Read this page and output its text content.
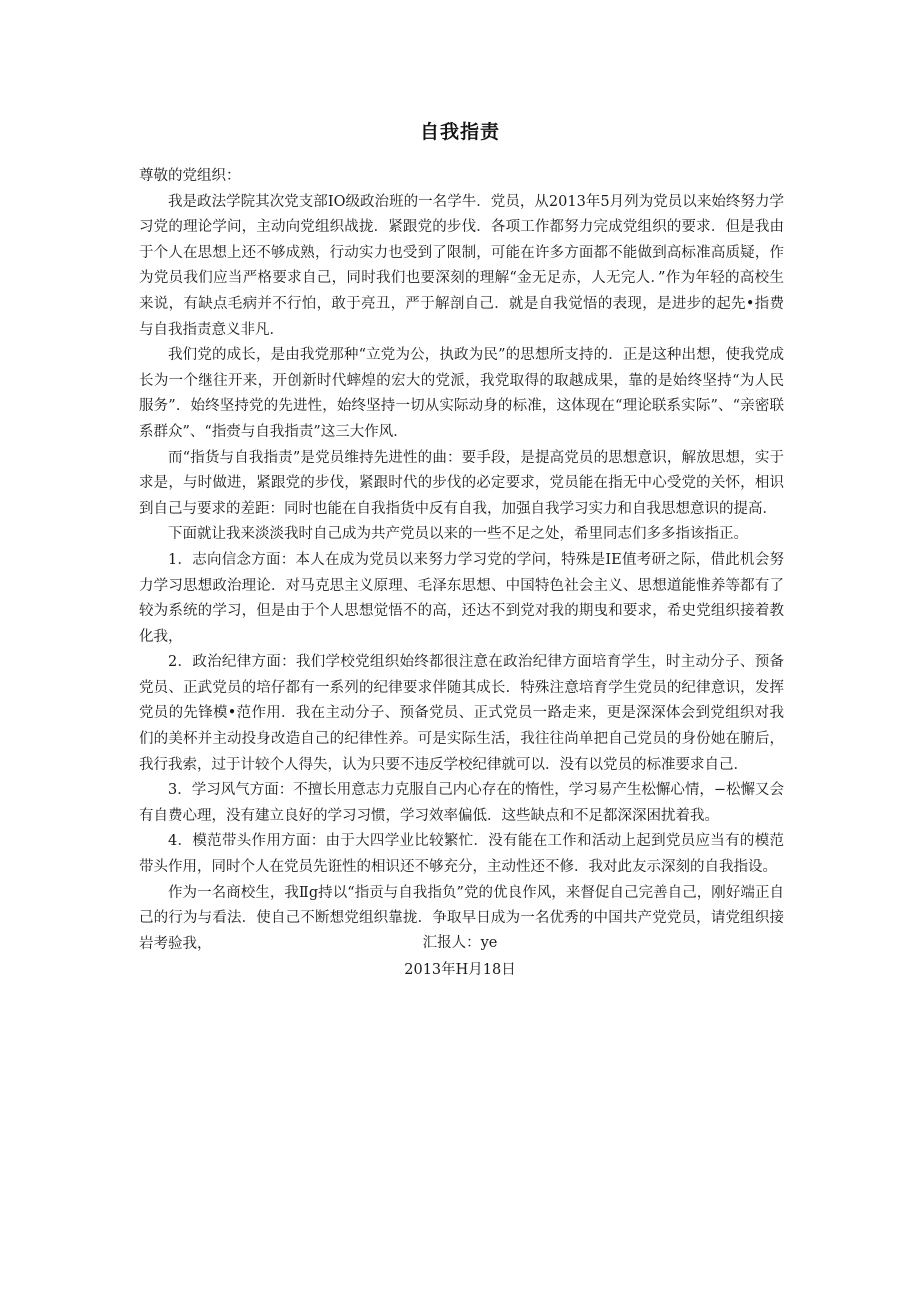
自我指责

尊敬的党组织：

我是政法学院其次党支部IO级政治班的一名学牛．党员，从2013年5月列为党员以来始终努力学习党的理论学问，主动向党组织战拢．紧跟党的步伐．各项工作都努力完成党组织的要求．但是我由于个人在思想上还不够成熟，行动实力也受到了限制，可能在许多方面都不能做到高标准高质疑，作为党员我们应当严格要求自己，同时我们也要深刻的理解“金无足赤，人无完人．”作为年轻的高校生来说，有缺点毛病并不行怕，敢于亮丑，严于解剖自己．就是自我觉悟的表现，是进步的起先•指费与自我指责意义非凡．

我们党的成长，是由我党那种“立党为公，执政为民”的思想所支持的．正是这种出想，使我党成长为一个继往开来，开创新时代蟀煌的宏大的党派，我党取得的取越成果，靠的是始终坚持“为人民服务”．始终坚持党的先进性，始终坚持一切从实际动身的标准，这体现在“理论联系实际”、“亲密联系群众”、“指赍与自我指责”这三大作风．

而“指货与自我指责”是党员维持先进性的曲：要手段，是提高党员的思想意识，解放思想，实于求是，与时做进，紧跟党的步伐，紧跟时代的步伐的必定要求，党员能在指无中心受党的关怀，相识到自己与要求的差距：同时也能在自我指货中反有自我，加强自我学习实力和自我思想意识的提高．

下面就让我来淡淡我时自己成为共产党员以来的一些不足之处，希里同志们多多指该指正。

1．志向信念方面：本人在成为党员以来努力学习党的学问，特殊是IE值考研之际，借此机会努力学习思想政治理论．对马克思主义原理、毛泽东思想、中国特色社会主义、思想道能惟养等都有了较为系统的学习，但是由于个人思想觉悟不的高，还达不到党对我的期曳和要求，希史党组织接着教化我，

2．政治纪律方面：我们学校党组织始终都很注意在政治纪律方面培育学生，时主动分子、预备党员、正武党员的培仔都有一系列的纪律要求伴随其成长．特殊注意培育学生党员的纪律意识，发挥党员的先锋模•范作用．我在主动分子、预备党员、正式党员一路走来，更是深深体会到党组织对我们的美杯并主动投身改造自己的纪律性养。可是实际生活，我往往尚单把自己党员的身份她在腑后，我行我索，过于计较个人得失，认为只要不违反学校纪律就可以．没有以党员的标准要求自己．

3．学习风气方面：不擅长用意志力克服自己内心存在的惰性，学习易产生松懈心情，−松懈又会有自费心理，没有建立良好的学习习惯，学习效率偏低．这些缺点和不足都深深困扰着我。

4．模范带头作用方面：由于大四学业比较繁忙．没有能在工作和活动上起到党员应当有的模范带头作用，同时个人在党员先诳性的相识还不够充分，主动性还不修．我对此友示深刻的自我指设。

作为一名商校生，我Ⅱg持以“指贡与自我指负”党的优良作风，来督促自己完善自己，刚好端正自己的行为与看法．使自己不断想党组织靠拢．争取早日成为一名优秀的中国共产党党员，请党组织接岩考验我，	汇报人：ye
2013年H月18日
